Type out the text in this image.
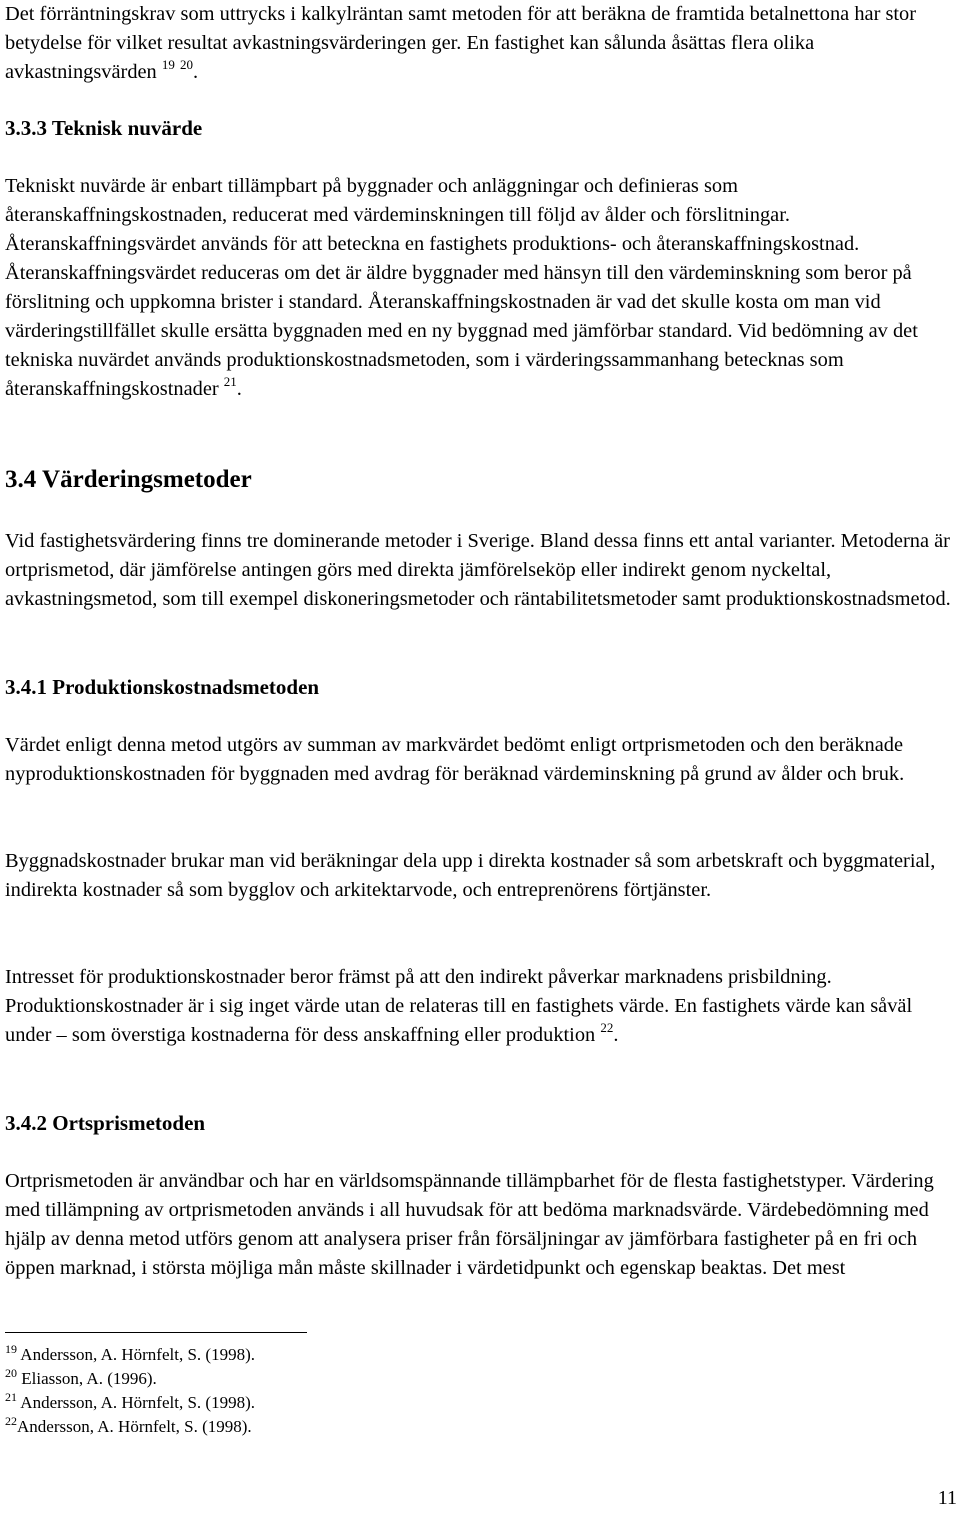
Det förräntningskrav som uttrycks i kalkylräntan samt metoden för att beräkna de framtida betalnettona har stor betydelse för vilket resultat avkastningsvärderingen ger. En fastighet kan sålunda åsättas flera olika avkastningsvärden $^{19}$ $^{20}$.

3.3.3 Teknisk nuvärde

Tekniskt nuvärde är enbart tillämpbart på byggnader och anläggningar och definieras som återanskaffningskostnaden, reducerat med värdeminskningen till följd av ålder och förslitningar. Återanskaffningsvärdet används för att beteckna en fastighets produktions- och återanskaffningskostnad. Återanskaffningsvärdet reduceras om det är äldre byggnader med hänsyn till den värdeminskning som beror på förslitning och uppkomna brister i standard. Återanskaffningskostnaden är vad det skulle kosta om man vid värderingstillfället skulle ersätta byggnaden med en ny byggnad med jämförbar standard. Vid bedömning av det tekniska nuvärdet används produktionskostnadsmetoden, som i värderingssammanhang betecknas som återanskaffningskostnader $^{21}$.

3.4 Värderingsmetoder

Vid fastighetsvärdering finns tre dominerande metoder i Sverige. Bland dessa finns ett antal varianter. Metoderna är ortprismetod, där jämförelse antingen görs med direkta jämförelseköp eller indirekt genom nyckeltal, avkastningsmetod, som till exempel diskoneringsmetoder och räntabilitetsmetoder samt produktionskostnadsmetod.

3.4.1 Produktionskostnadsmetoden

Värdet enligt denna metod utgörs av summan av markvärdet bedömt enligt ortprismetoden och den beräknade nyproduktionskostnaden för byggnaden med avdrag för beräknad värdeminskning på grund av ålder och bruk.

Byggnadskostnader brukar man vid beräkningar dela upp i direkta kostnader så som arbetskraft och byggmaterial, indirekta kostnader så som bygglov och arkitektarvode, och entreprenörens förtjänster.

Intresset för produktionskostnader beror främst på att den indirekt påverkar marknadens prisbildning. Produktionskostnader är i sig inget värde utan de relateras till en fastighets värde. En fastighets värde kan såväl under – som överstiga kostnaderna för dess anskaffning eller produktion $^{22}$.

3.4.2 Ortsprismetoden

Ortprismetoden är användbar och har en världsomspännande tillämpbarhet för de flesta fastighetstyper. Värdering med tillämpning av ortprismetoden används i all huvudsak för att bedöma marknadsvärde. Värdebedömning med hjälp av denna metod utförs genom att analysera priser från försäljningar av jämförbara fastigheter på en fri och öppen marknad, i största möjliga mån måste skillnader i värdetidpunkt och egenskap beaktas. Det mest

$^{19}$ Andersson, A. Hörnfelt, S. (1998).

$^{20}$ Eliasson, A. (1996).

$^{21}$ Andersson, A. Hörnfelt, S. (1998).

$^{22}$Andersson, A. Hörnfelt, S. (1998).

11
